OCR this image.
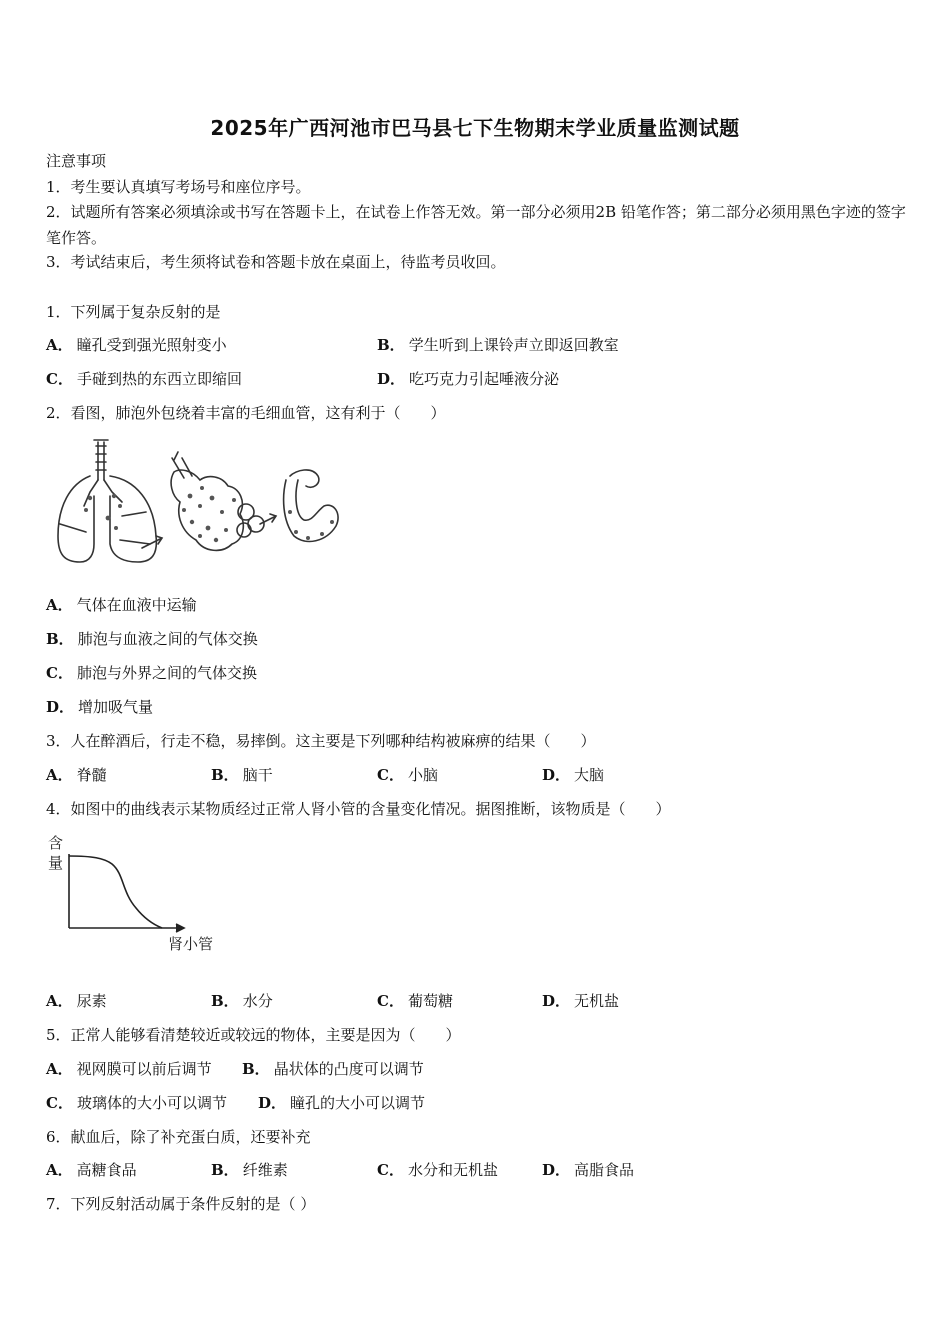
2025年广西河池市巴马县七下生物期末学业质量监测试题
注意事项
1．考生要认真填写考场号和座位序号。
2．试题所有答案必须填涂或书写在答题卡上，在试卷上作答无效。第一部分必须用2B 铅笔作答；第二部分必须用黑色字迹的签字笔作答。
3．考试结束后，考生须将试卷和答题卡放在桌面上，待监考员收回。
1．下列属于复杂反射的是
A． 瞳孔受到强光照射变小	B． 学生听到上课铃声立即返回教室
C． 手碰到热的东西立即缩回	D． 吃巧克力引起唾液分泌
2．看图，肺泡外包绕着丰富的毛细血管，这有利于（　　）
A． 气体在血液中运输
B． 肺泡与血液之间的气体交换
C． 肺泡与外界之间的气体交换
D． 增加吸气量
3．人在醉酒后，行走不稳，易摔倒。这主要是下列哪种结构被麻痹的结果（　　）
A． 脊髓	B． 脑干	C． 小脑	D． 大脑
4．如图中的曲线表示某物质经过正常人肾小管的含量变化情况。据图推断，该物质是（　　）
含
量
肾小管
A． 尿素	B． 水分	C． 葡萄糖	D． 无机盐
5．正常人能够看清楚较近或较远的物体，主要是因为（　　）
A． 视网膜可以前后调节 B． 晶状体的凸度可以调节
C． 玻璃体的大小可以调节 D． 瞳孔的大小可以调节
6．献血后，除了补充蛋白质，还要补充
A． 高糖食品	B． 纤维素	C． 水分和无机盐	D． 高脂食品
7．下列反射活动属于条件反射的是（ ）
